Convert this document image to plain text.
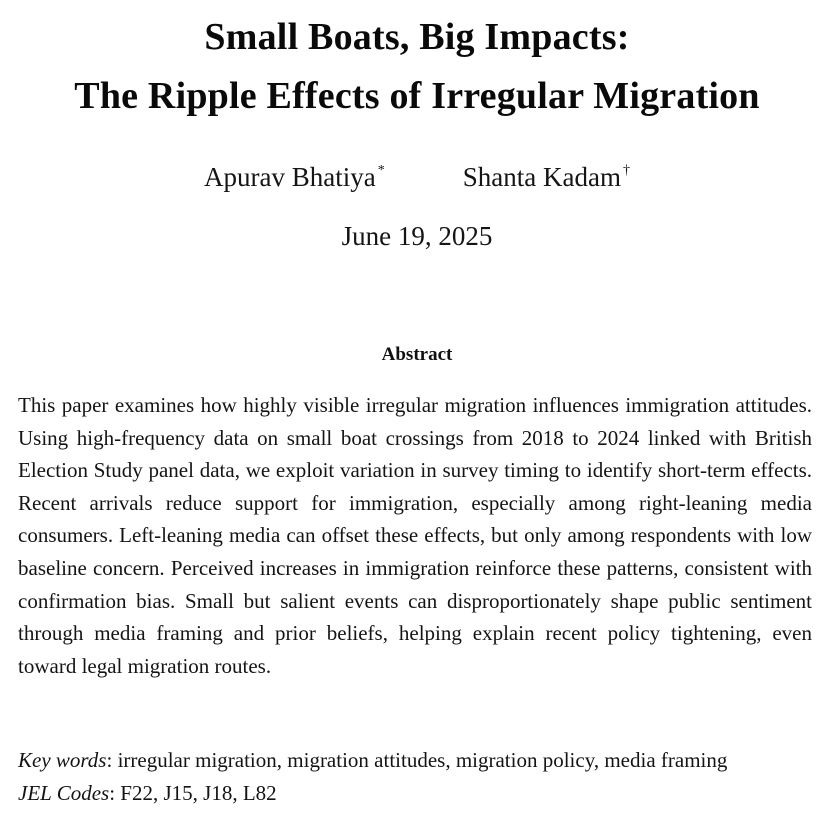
Small Boats, Big Impacts:
The Ripple Effects of Irregular Migration
Apurav Bhatiya *	Shanta Kadam †
June 19, 2025
Abstract

This paper examines how highly visible irregular migration influences immigration attitudes. Using high-frequency data on small boat crossings from 2018 to 2024 linked with British Election Study panel data, we exploit variation in survey timing to identify short-term effects. Recent arrivals reduce support for immigration, especially among right-leaning media consumers. Left-leaning media can offset these effects, but only among respondents with low baseline concern. Perceived increases in immigration reinforce these patterns, consistent with confirmation bias. Small but salient events can disproportionately shape public sentiment through media framing and prior beliefs, helping explain recent policy tightening, even toward legal migration routes.

Key words: irregular migration, migration attitudes, migration policy, media framing
JEL Codes: F22, J15, J18, L82
